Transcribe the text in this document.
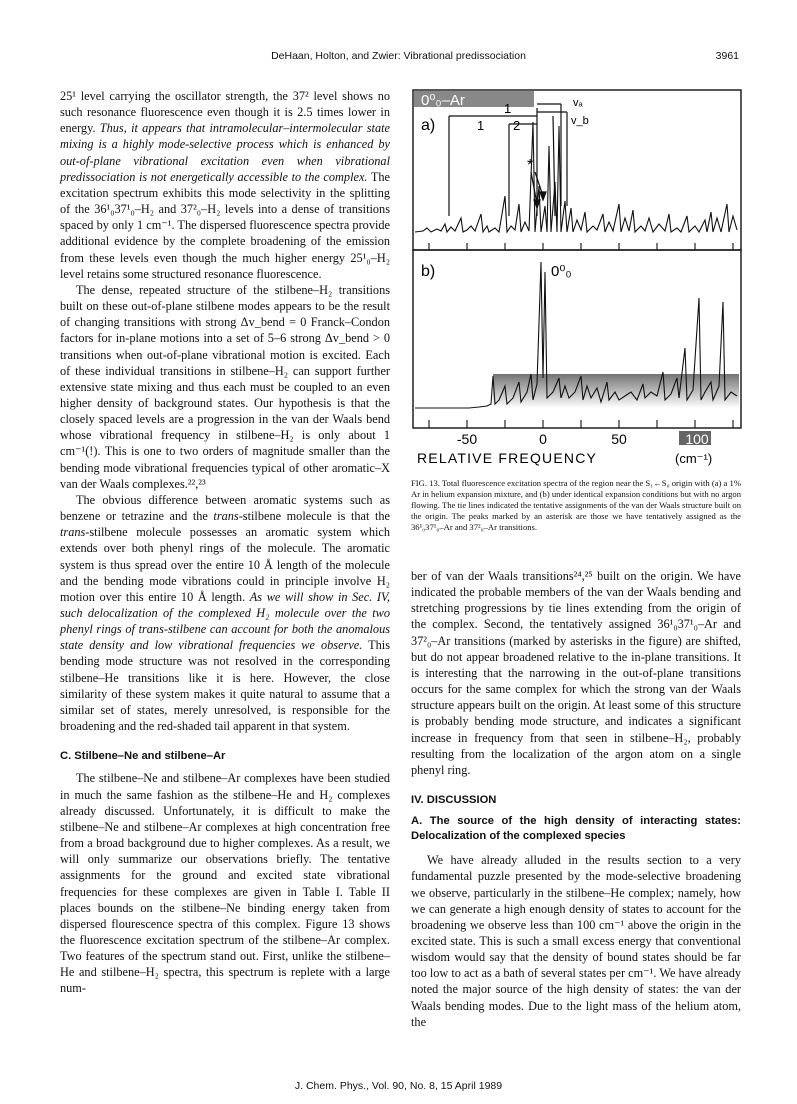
DeHaan, Holton, and Zwier: Vibrational predissociation	3961

25¹ level carrying the oscillator strength, the 37² level shows no such resonance fluorescence even though it is 2.5 times lower in energy. Thus, it appears that intramolecular–intermolecular state mixing is a highly mode-selective process which is enhanced by out-of-plane vibrational excitation even when vibrational predissociation is not energetically accessible to the complex. The excitation spectrum exhibits this mode selectivity in the splitting of the 36¹₀37¹₀–H₂ and 37²₀–H₂ levels into a dense of transitions spaced by only 1 cm⁻¹. The dispersed fluorescence spectra provide additional evidence by the complete broadening of the emission from these levels even though the much higher energy 25¹₀–H₂ level retains some structured resonance fluorescence.

The dense, repeated structure of the stilbene–H₂ transitions built on these out-of-plane stilbene modes appears to be the result of changing transitions with strong Δv_bend = 0 Franck–Condon factors for in-plane motions into a set of 5–6 strong Δv_bend > 0 transitions when out-of-plane vibrational motion is excited. Each of these individual transitions in stilbene–H₂ can support further extensive state mixing and thus each must be coupled to an even higher density of background states. Our hypothesis is that the closely spaced levels are a progression in the van der Waals bend whose vibrational frequency in stilbene–H₂ is only about 1 cm⁻¹(!). This is one to two orders of magnitude smaller than the bending mode vibrational frequencies typical of other aromatic–X van der Waals complexes.²²,²³

The obvious difference between aromatic systems such as benzene or tetrazine and the trans-stilbene molecule is that the trans-stilbene molecule possesses an aromatic system which extends over both phenyl rings of the molecule. The aromatic system is thus spread over the entire 10 Å length of the molecule and the bending mode vibrations could in principle involve H₂ motion over this entire 10 Å length. As we will show in Sec. IV, such delocalization of the complexed H₂ molecule over the two phenyl rings of trans-stilbene can account for both the anomalous state density and low vibrational frequencies we observe. This bending mode structure was not resolved in the corresponding stilbene–He transitions like it is here. However, the close similarity of these system makes it quite natural to assume that a similar set of states, merely unresolved, is responsible for the broadening and the red-shaded tail apparent in that system.

C. Stilbene–Ne and stilbene–Ar

The stilbene–Ne and stilbene–Ar complexes have been studied in much the same fashion as the stilbene–He and H₂ complexes already discussed. Unfortunately, it is difficult to make the stilbene–Ne and stilbene–Ar complexes at high concentration free from a broad background due to higher complexes. As a result, we will only summarize our observations briefly. The tentative assignments for the ground and excited state vibrational frequencies for these complexes are given in Table I. Table II places bounds on the stilbene–Ne binding energy taken from dispersed flourescence spectra of this complex. Figure 13 shows the fluorescence excitation spectrum of the stilbene–Ar complex. Two features of the spectrum stand out. First, unlike the stilbene–He and stilbene–H₂ spectra, this spectrum is replete with a large num-

0⁰₀–Ar
a)
1
1 2
vₐ
v_b
*
b)	0⁰₀
-50	0	50	100
RELATIVE FREQUENCY	(cm⁻¹)
FIG. 13. Total fluorescence excitation spectra of the region near the S₁←S₀ origin with (a) a 1% Ar in helium expansion mixture, and (b) under identical expansion conditions but with no argon flowing. The tie lines indicated the tentative assignments of the van der Waals structure built on the origin. The peaks marked by an asterisk are those we have tentatively assigned as the 36¹₀37¹₀–Ar and 37²₀–Ar transitions.

ber of van der Waals transitions²⁴,²⁵ built on the origin. We have indicated the probable members of the van der Waals bending and stretching progressions by tie lines extending from the origin of the complex. Second, the tentatively assigned 36¹₀37¹₀–Ar and 37²₀–Ar transitions (marked by asterisks in the figure) are shifted, but do not appear broadened relative to the in-plane transitions. It is interesting that the narrowing in the out-of-plane transitions occurs for the same complex for which the strong van der Waals structure appears built on the origin. At least some of this structure is probably bending mode structure, and indicates a significant increase in frequency from that seen in stilbene–H₂, probably resulting from the localization of the argon atom on a single phenyl ring.

IV. DISCUSSION
A. The source of the high density of interacting states: Delocalization of the complexed species

We have already alluded in the results section to a very fundamental puzzle presented by the mode-selective broadening we observe, particularly in the stilbene–He complex; namely, how we can generate a high enough density of states to account for the broadening we observe less than 100 cm⁻¹ above the origin in the excited state. This is such a small excess energy that conventional wisdom would say that the density of bound states should be far too low to act as a bath of several states per cm⁻¹. We have already noted the major source of the high density of states: the van der Waals bending modes. Due to the light mass of the helium atom, the

J. Chem. Phys., Vol. 90, No. 8, 15 April 1989
